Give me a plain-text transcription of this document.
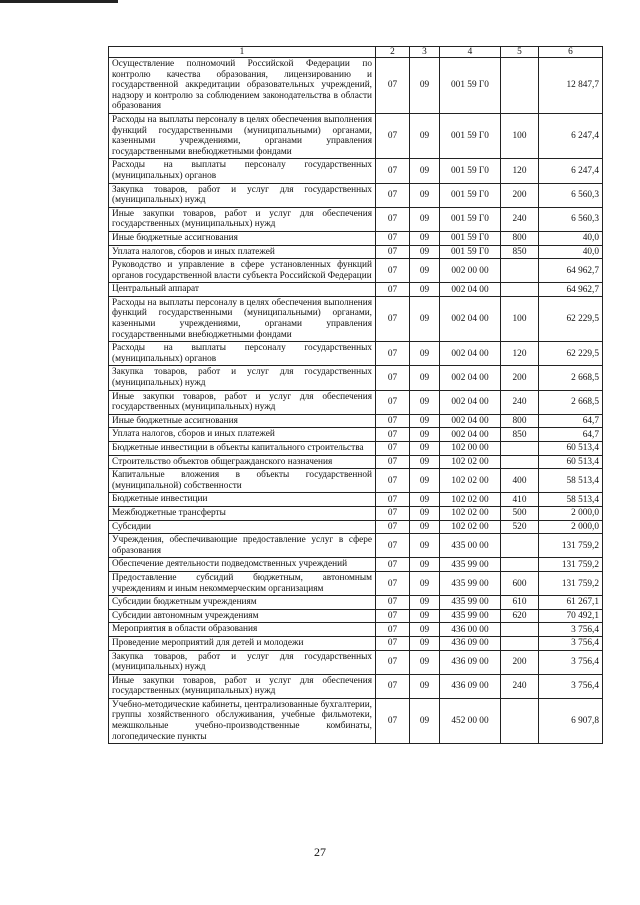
1	2	3	4	5	6
Осуществление полномочий Российской Федерации по контролю качества образования, лицензированию и государственной аккредитации образовательных учреждений, надзору и контролю за соблюдением законодательства в области образования	07	09	001 59 Г0		12 847,7
Расходы на выплаты персоналу в целях обеспечения выполнения функций государственными (муниципальными) органами, казенными учреждениями, органами управления государственными внебюджетными фондами	07	09	001 59 Г0	100	6 247,4
Расходы на выплаты персоналу государственных (муниципальных) органов	07	09	001 59 Г0	120	6 247,4
Закупка товаров, работ и услуг для государственных (муниципальных) нужд	07	09	001 59 Г0	200	6 560,3
Иные закупки товаров, работ и услуг для обеспечения государственных (муниципальных) нужд	07	09	001 59 Г0	240	6 560,3
Иные бюджетные ассигнования	07	09	001 59 Г0	800	40,0
Уплата налогов, сборов и иных платежей	07	09	001 59 Г0	850	40,0
Руководство и управление в сфере установленных функций органов государственной власти субъекта Российской Федерации	07	09	002 00 00		64 962,7
Центральный аппарат	07	09	002 04 00		64 962,7
Расходы на выплаты персоналу в целях обеспечения выполнения функций государственными (муниципальными) органами, казенными учреждениями, органами управления государственными внебюджетными фондами	07	09	002 04 00	100	62 229,5
Расходы на выплаты персоналу государственных (муниципальных) органов	07	09	002 04 00	120	62 229,5
Закупка товаров, работ и услуг для государственных (муниципальных) нужд	07	09	002 04 00	200	2 668,5
Иные закупки товаров, работ и услуг для обеспечения государственных (муниципальных) нужд	07	09	002 04 00	240	2 668,5
Иные бюджетные ассигнования	07	09	002 04 00	800	64,7
Уплата налогов, сборов и иных платежей	07	09	002 04 00	850	64,7
Бюджетные инвестиции в объекты капитального строительства	07	09	102 00 00		60 513,4
Строительство объектов общегражданского назначения	07	09	102 02 00		60 513,4
Капитальные вложения в объекты государственной (муниципальной) собственности	07	09	102 02 00	400	58 513,4
Бюджетные инвестиции	07	09	102 02 00	410	58 513,4
Межбюджетные трансферты	07	09	102 02 00	500	2 000,0
Субсидии	07	09	102 02 00	520	2 000,0
Учреждения, обеспечивающие предоставление услуг в сфере образования	07	09	435 00 00		131 759,2
Обеспечение деятельности подведомственных учреждений	07	09	435 99 00		131 759,2
Предоставление субсидий бюджетным, автономным учреждениям и иным некоммерческим организациям	07	09	435 99 00	600	131 759,2
Субсидии бюджетным учреждениям	07	09	435 99 00	610	61 267,1
Субсидии автономным учреждениям	07	09	435 99 00	620	70 492,1
Мероприятия в области образования	07	09	436 00 00		3 756,4
Проведение мероприятий для детей и молодежи	07	09	436 09 00		3 756,4
Закупка товаров, работ и услуг для государственных (муниципальных) нужд	07	09	436 09 00	200	3 756,4
Иные закупки товаров, работ и услуг для обеспечения государственных (муниципальных) нужд	07	09	436 09 00	240	3 756,4
Учебно-методические кабинеты, централизованные бухгалтерии, группы хозяйственного обслуживания, учебные фильмотеки, межшкольные учебно-производственные комбинаты, логопедические пункты	07	09	452 00 00		6 907,8
27
